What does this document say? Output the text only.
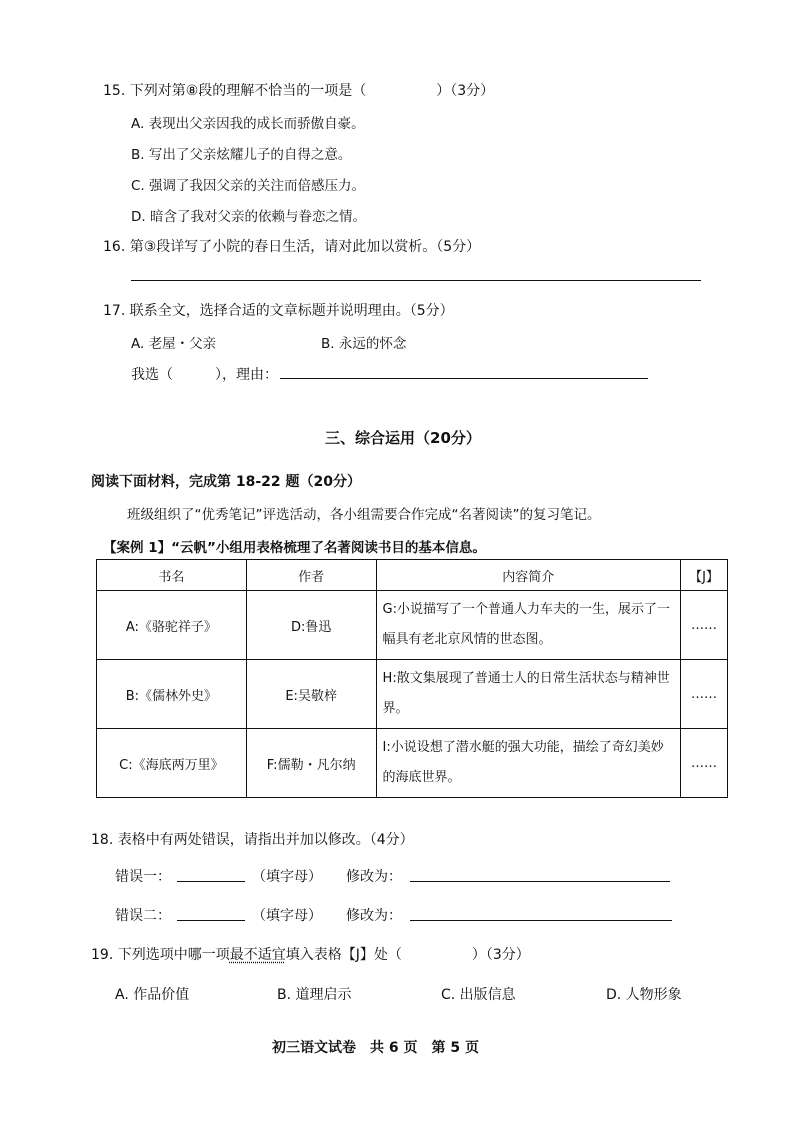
15. 下列对第⑧段的理解不恰当的一项是（　　　　　）（3分）
A. 表现出父亲因我的成长而骄傲自豪。
B. 写出了父亲炫耀儿子的自得之意。
C. 强调了我因父亲的关注而倍感压力。
D. 暗含了我对父亲的依赖与眷恋之情。
16. 第③段详写了小院的春日生活，请对此加以赏析。（5分）
17. 联系全文，选择合适的文章标题并说明理由。（5分）
A. 老屋・父亲	B. 永远的怀念
我选（　　　），理由：
三、综合运用（20分）
阅读下面材料，完成第 18-22 题（20分）
班级组织了“优秀笔记”评选活动，各小组需要合作完成“名著阅读”的复习笔记。
【案例 1】“云帆”小组用表格梳理了名著阅读书目的基本信息。
书名	作者	内容简介	【J】
A:《骆驼祥子》	D:鲁迅	G:小说描写了一个普通人力车夫的一生，展示了一幅具有老北京风情的世态图。	……
B:《儒林外史》	E:吴敬梓	H:散文集展现了普通士人的日常生活状态与精神世界。	……
C:《海底两万里》	F:儒勒・凡尔纳	I:小说设想了潜水艇的强大功能，描绘了奇幻美妙的海底世界。	……
18. 表格中有两处错误，请指出并加以修改。（4分）
错误一：	（填字母） 修改为：
错误二：	（填字母） 修改为：
19. 下列选项中哪一项最不适宜填入表格【J】处（　　　　　）（3分）
A. 作品价值	B. 道理启示	C. 出版信息	D. 人物形象
初三语文试卷　共 6 页　第 5 页
